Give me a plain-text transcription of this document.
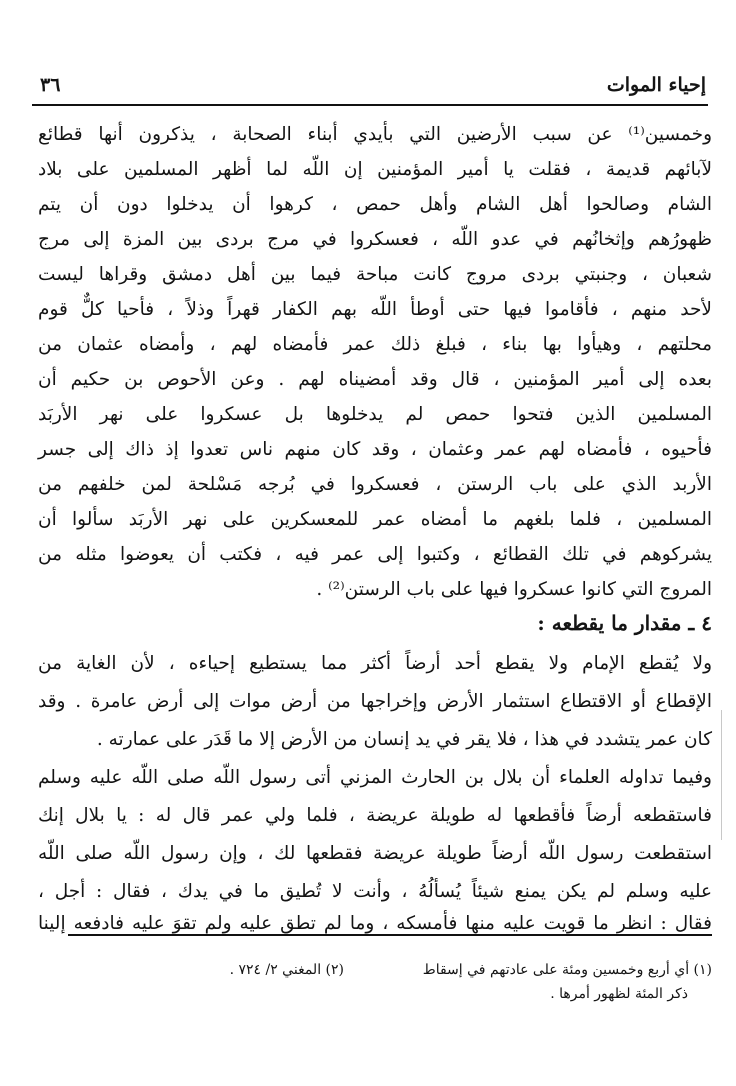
إحياء الموات
٣٦
وخمسين⁽¹⁾ عن سبب الأرضين التي بأيدي أبناء الصحابة ، يذكرون أنها قطائع
لآبائهم قديمة ، فقلت يا أمير المؤمنين إن اللّه لما أظهر المسلمين على بلاد
الشام وصالحوا أهل الشام وأهل حمص ، كرهوا أن يدخلوا دون أن يتم
ظهورُهم وإثخانُهم في عدو اللّه ، فعسكروا في مرج بردى بين المزة إلى مرج
شعبان ، وجنبتي بردى مروج كانت مباحة فيما بين أهل دمشق وقراها ليست
لأحد منهم ، فأقاموا فيها حتى أوطأ اللّه بهم الكفار قهراً وذلاً ، فأحيا كلٌّ قوم
محلتهم ، وهيأوا بها بناء ، فبلغ ذلك عمر فأمضاه لهم ، وأمضاه عثمان من
بعده إلى أمير المؤمنين ، قال وقد أمضيناه لهم . وعن الأحوص بن حكيم أن
المسلمين الذين فتحوا حمص لم يدخلوها بل عسكروا على نهر الأربَد
فأحيوه ، فأمضاه لهم عمر وعثمان ، وقد كان منهم ناس تعدوا إذ ذاك إلى جسر
الأربد الذي على باب الرستن ، فعسكروا في بُرجه مَسْلحة لمن خلفهم من
المسلمين ، فلما بلغهم ما أمضاه عمر للمعسكرين على نهر الأربَد سألوا أن
يشركوهم في تلك القطائع ، وكتبوا إلى عمر فيه ، فكتب أن يعوضوا مثله من
٤ ـ مقدار ما يقطعه :
ولا يُقطع الإمام ولا يقطع أحد أرضاً أكثر مما يستطيع إحياءه ، لأن الغاية من
الإقطاع أو الاقتطاع استثمار الأرض وإخراجها من أرض موات إلى أرض عامرة . وقد
كان عمر يتشدد في هذا ، فلا يقر في يد إنسان من الأرض إلا ما قَدَر على عمارته .
وفيما تداوله العلماء أن بلال بن الحارث المزني أتى رسول اللّه صلى اللّه عليه وسلم
فاستقطعه أرضاً فأقطعها له طويلة عريضة ، فلما ولي عمر قال له : يا بلال إنك
استقطعت رسول اللّه أرضاً طويلة عريضة فقطعها لك ، وإن رسول اللّه صلى اللّه
عليه وسلم لم يكن يمنع شيئاً يُسألُهُ ، وأنت لا تُطيق ما في يدك ، فقال : أجل ،
فقال : انظر ما قويت عليه منها فأمسكه ، وما لم تطق عليه ولم تقوَ عليه فادفعه إلينا
(١) أي أربع وخمسين ومئة على عادتهم في إسقاط
ذكر المئة لظهور أمرها .
(٢) المغني ٢/ ٧٢٤ .
المروج التي كانوا عسكروا فيها على باب الرستن⁽²⁾ .
